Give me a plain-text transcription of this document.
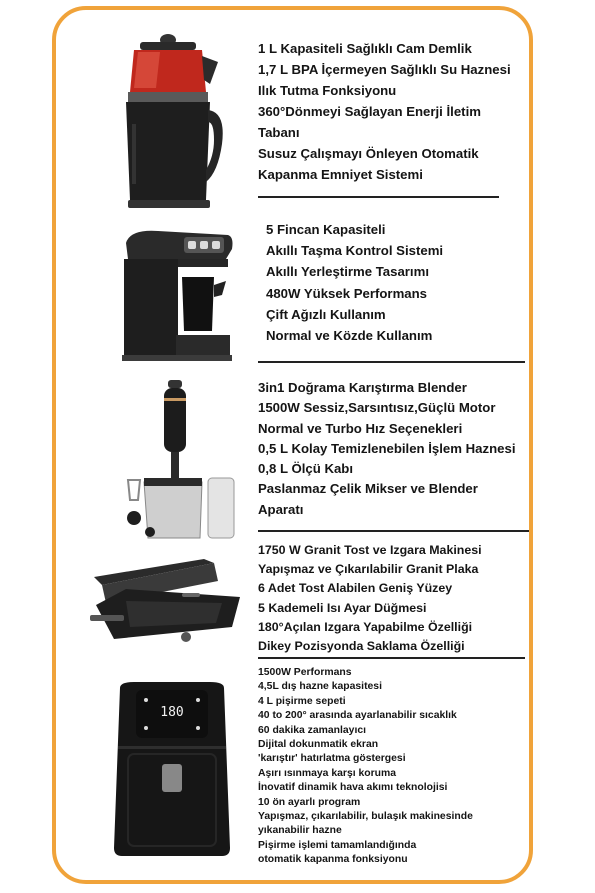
180
1 L Kapasiteli Sağlıklı Cam Demlik
1,7 L BPA İçermeyen Sağlıklı Su Haznesi
Ilık Tutma Fonksiyonu
360°Dönmeyi Sağlayan Enerji İletim
Tabanı
Susuz Çalışmayı Önleyen Otomatik
Kapanma Emniyet Sistemi
5 Fincan Kapasiteli
Akıllı Taşma Kontrol Sistemi
Akıllı Yerleştirme Tasarımı
480W Yüksek Performans
Çift Ağızlı Kullanım
Normal ve Közde Kullanım
3in1 Doğrama Karıştırma Blender
1500W Sessiz,Sarsıntısız,Güçlü Motor
Normal ve Turbo Hız Seçenekleri
0,5 L Kolay Temizlenebilen İşlem Haznesi
0,8 L Ölçü Kabı
Paslanmaz Çelik Mikser ve Blender
Aparatı
1750 W Granit Tost ve Izgara Makinesi
Yapışmaz ve Çıkarılabilir Granit Plaka
6 Adet Tost Alabilen Geniş Yüzey
5 Kademeli Isı Ayar Düğmesi
180°Açılan Izgara Yapabilme Özelliği
Dikey Pozisyonda Saklama Özelliği
1500W Performans
4,5L dış hazne kapasitesi
4 L pişirme sepeti
40 to 200° arasında ayarlanabilir sıcaklık
60 dakika zamanlayıcı
Dijital dokunmatik ekran
'karıştır' hatırlatma göstergesi
Aşırı ısınmaya karşı koruma
İnovatif dinamik hava akımı teknolojisi
10 ön ayarlı program
Yapışmaz, çıkarılabilir, bulaşık makinesinde
yıkanabilir hazne
Pişirme işlemi tamamlandığında
otomatik kapanma fonksiyonu
